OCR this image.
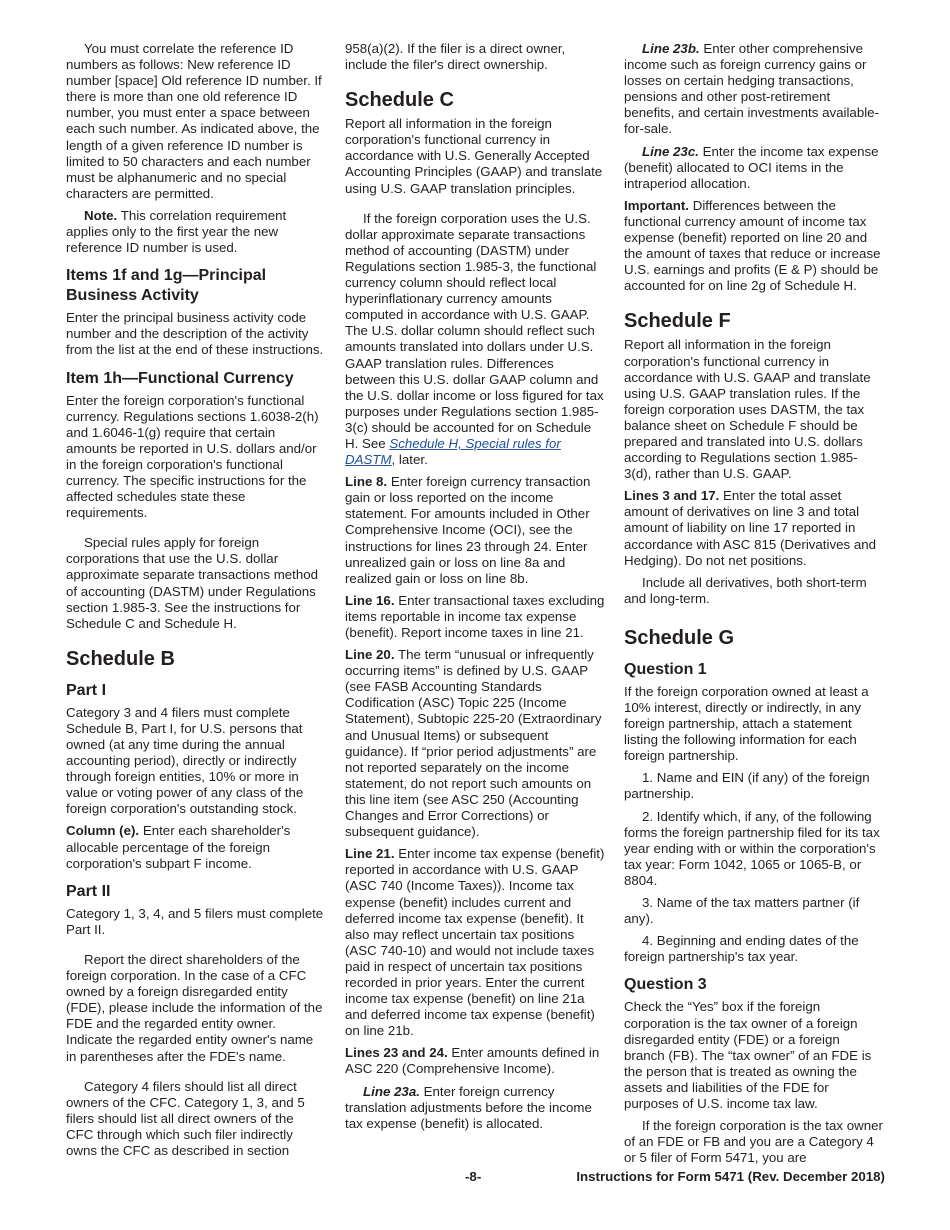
You must correlate the reference ID numbers as follows: New reference ID number [space] Old reference ID number. If there is more than one old reference ID number, you must enter a space between each such number. As indicated above, the length of a given reference ID number is limited to 50 characters and each number must be alphanumeric and no special characters are permitted.

Note. This correlation requirement applies only to the first year the new reference ID number is used.

Items 1f and 1g—Principal Business Activity

Enter the principal business activity code number and the description of the activity from the list at the end of these instructions.

Item 1h—Functional Currency

Enter the foreign corporation's functional currency. Regulations sections 1.6038-2(h) and 1.6046-1(g) require that certain amounts be reported in U.S. dollars and/or in the foreign corporation's functional currency. The specific instructions for the affected schedules state these requirements.

Special rules apply for foreign corporations that use the U.S. dollar approximate separate transactions method of accounting (DASTM) under Regulations section 1.985-3. See the instructions for Schedule C and Schedule H.

Schedule B
Part I

Category 3 and 4 filers must complete Schedule B, Part I, for U.S. persons that owned (at any time during the annual accounting period), directly or indirectly through foreign entities, 10% or more in value or voting power of any class of the foreign corporation's outstanding stock.

Column (e). Enter each shareholder's allocable percentage of the foreign corporation's subpart F income.

Part II

Category 1, 3, 4, and 5 filers must complete Part II.

Report the direct shareholders of the foreign corporation. In the case of a CFC owned by a foreign disregarded entity (FDE), please include the information of the FDE and the regarded entity owner. Indicate the regarded entity owner's name in parentheses after the FDE's name.

Category 4 filers should list all direct owners of the CFC. Category 1, 3, and 5 filers should list all direct owners of the CFC through which such filer indirectly owns the CFC as described in section

958(a)(2). If the filer is a direct owner, include the filer's direct ownership.

Schedule C

Report all information in the foreign corporation's functional currency in accordance with U.S. Generally Accepted Accounting Principles (GAAP) and translate using U.S. GAAP translation principles.

If the foreign corporation uses the U.S. dollar approximate separate transactions method of accounting (DASTM) under Regulations section 1.985-3, the functional currency column should reflect local hyperinflationary currency amounts computed in accordance with U.S. GAAP. The U.S. dollar column should reflect such amounts translated into dollars under U.S. GAAP translation rules. Differences between this U.S. dollar GAAP column and the U.S. dollar income or loss figured for tax purposes under Regulations section 1.985-3(c) should be accounted for on Schedule H. See Schedule H, Special rules for DASTM, later.

Line 8. Enter foreign currency transaction gain or loss reported on the income statement. For amounts included in Other Comprehensive Income (OCI), see the instructions for lines 23 through 24. Enter unrealized gain or loss on line 8a and realized gain or loss on line 8b.

Line 16. Enter transactional taxes excluding items reportable in income tax expense (benefit). Report income taxes in line 21.

Line 20. The term “unusual or infrequently occurring items” is defined by U.S. GAAP (see FASB Accounting Standards Codification (ASC) Topic 225 (Income Statement), Subtopic 225-20 (Extraordinary and Unusual Items) or subsequent guidance). If “prior period adjustments” are not reported separately on the income statement, do not report such amounts on this line item (see ASC 250 (Accounting Changes and Error Corrections) or subsequent guidance).

Line 21. Enter income tax expense (benefit) reported in accordance with U.S. GAAP (ASC 740 (Income Taxes)). Income tax expense (benefit) includes current and deferred income tax expense (benefit). It also may reflect uncertain tax positions (ASC 740-10) and would not include taxes paid in respect of uncertain tax positions recorded in prior years. Enter the current income tax expense (benefit) on line 21a and deferred income tax expense (benefit) on line 21b.

Lines 23 and 24. Enter amounts defined in ASC 220 (Comprehensive Income).

Line 23a. Enter foreign currency translation adjustments before the income tax expense (benefit) is allocated.

Line 23b. Enter other comprehensive income such as foreign currency gains or losses on certain hedging transactions, pensions and other post-retirement benefits, and certain investments available-for-sale.

Line 23c. Enter the income tax expense (benefit) allocated to OCI items in the intraperiod allocation.

Important. Differences between the functional currency amount of income tax expense (benefit) reported on line 20 and the amount of taxes that reduce or increase U.S. earnings and profits (E & P) should be accounted for on line 2g of Schedule H.

Schedule F

Report all information in the foreign corporation's functional currency in accordance with U.S. GAAP and translate using U.S. GAAP translation rules. If the foreign corporation uses DASTM, the tax balance sheet on Schedule F should be prepared and translated into U.S. dollars according to Regulations section 1.985-3(d), rather than U.S. GAAP.

Lines 3 and 17. Enter the total asset amount of derivatives on line 3 and total amount of liability on line 17 reported in accordance with ASC 815 (Derivatives and Hedging). Do not net positions.

Include all derivatives, both short-term and long-term.

Schedule G
Question 1

If the foreign corporation owned at least a 10% interest, directly or indirectly, in any foreign partnership, attach a statement listing the following information for each foreign partnership.

1. Name and EIN (if any) of the foreign partnership.

2. Identify which, if any, of the following forms the foreign partnership filed for its tax year ending with or within the corporation's tax year: Form 1042, 1065 or 1065-B, or 8804.

3. Name of the tax matters partner (if any).

4. Beginning and ending dates of the foreign partnership's tax year.

Question 3

Check the “Yes” box if the foreign corporation is the tax owner of a foreign disregarded entity (FDE) or a foreign branch (FB). The “tax owner” of an FDE is the person that is treated as owning the assets and liabilities of the FDE for purposes of U.S. income tax law.

If the foreign corporation is the tax owner of an FDE or FB and you are a Category 4 or 5 filer of Form 5471, you are

-8-	Instructions for Form 5471 (Rev. December 2018)
